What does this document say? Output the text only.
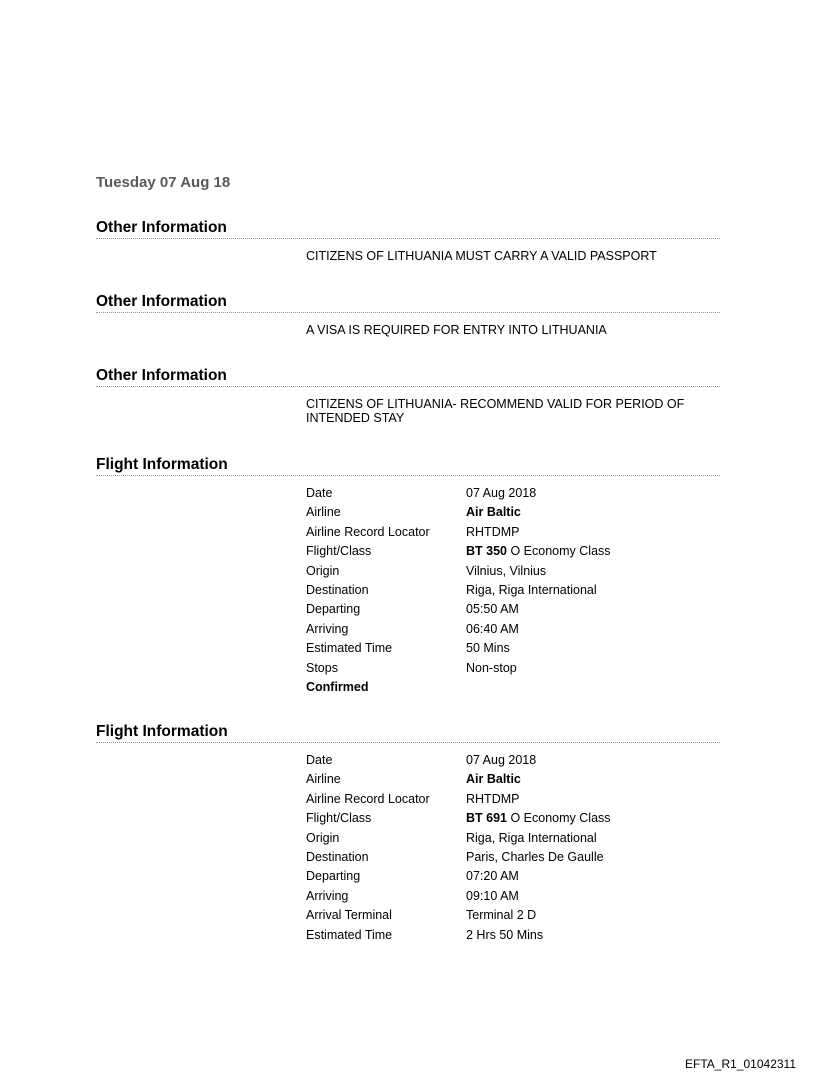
Tuesday 07 Aug 18
Other Information
CITIZENS OF LITHUANIA MUST CARRY A VALID PASSPORT
Other Information
A VISA IS REQUIRED FOR ENTRY INTO LITHUANIA
Other Information
CITIZENS OF LITHUANIA- RECOMMEND VALID FOR PERIOD OF INTENDED STAY
Flight Information
Date	07 Aug 2018
Airline	Air Baltic
Airline Record Locator	RHTDMP
Flight/Class	BT 350 O Economy Class
Origin	Vilnius, Vilnius
Destination	Riga, Riga International
Departing	05:50 AM
Arriving	06:40 AM
Estimated Time	50 Mins
Stops	Non-stop
Confirmed
Flight Information
Date	07 Aug 2018
Airline	Air Baltic
Airline Record Locator	RHTDMP
Flight/Class	BT 691 O Economy Class
Origin	Riga, Riga International
Destination	Paris, Charles De Gaulle
Departing	07:20 AM
Arriving	09:10 AM
Arrival Terminal	Terminal 2 D
Estimated Time	2 Hrs 50 Mins
EFTA_R1_01042311
